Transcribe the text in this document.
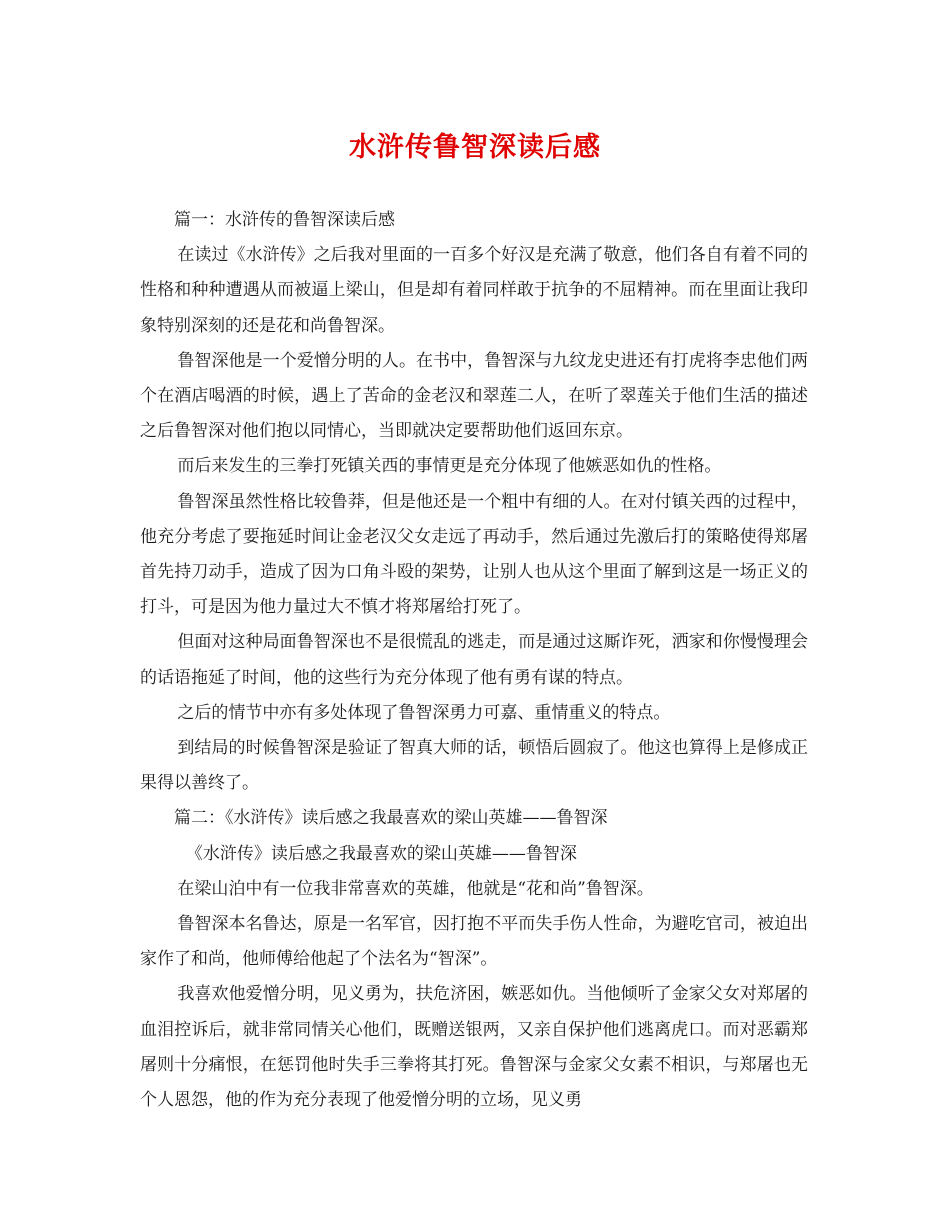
水浒传鲁智深读后感

篇一：水浒传的鲁智深读后感

在读过《水浒传》之后我对里面的一百多个好汉是充满了敬意，他们各自有着不同的性格和种种遭遇从而被逼上梁山，但是却有着同样敢于抗争的不屈精神。而在里面让我印象特别深刻的还是花和尚鲁智深。

鲁智深他是一个爱憎分明的人。在书中，鲁智深与九纹龙史进还有打虎将李忠他们两个在酒店喝酒的时候，遇上了苦命的金老汉和翠莲二人，在听了翠莲关于他们生活的描述之后鲁智深对他们抱以同情心，当即就决定要帮助他们返回东京。

而后来发生的三拳打死镇关西的事情更是充分体现了他嫉恶如仇的性格。

鲁智深虽然性格比较鲁莽，但是他还是一个粗中有细的人。在对付镇关西的过程中，他充分考虑了要拖延时间让金老汉父女走远了再动手，然后通过先激后打的策略使得郑屠首先持刀动手，造成了因为口角斗殴的架势，让别人也从这个里面了解到这是一场正义的打斗，可是因为他力量过大不慎才将郑屠给打死了。

但面对这种局面鲁智深也不是很慌乱的逃走，而是通过这厮诈死，洒家和你慢慢理会的话语拖延了时间，他的这些行为充分体现了他有勇有谋的特点。

之后的情节中亦有多处体现了鲁智深勇力可嘉、重情重义的特点。

到结局的时候鲁智深是验证了智真大师的话，顿悟后圆寂了。他这也算得上是修成正果得以善终了。

篇二：《水浒传》读后感之我最喜欢的梁山英雄——鲁智深

《水浒传》读后感之我最喜欢的梁山英雄——鲁智深

在梁山泊中有一位我非常喜欢的英雄，他就是“花和尚”鲁智深。

鲁智深本名鲁达，原是一名军官，因打抱不平而失手伤人性命，为避吃官司，被迫出家作了和尚，他师傅给他起了个法名为“智深”。

我喜欢他爱憎分明，见义勇为，扶危济困，嫉恶如仇。当他倾听了金家父女对郑屠的血泪控诉后，就非常同情关心他们，既赠送银两，又亲自保护他们逃离虎口。而对恶霸郑屠则十分痛恨，在惩罚他时失手三拳将其打死。鲁智深与金家父女素不相识，与郑屠也无个人恩怨，他的作为充分表现了他爱憎分明的立场，见义勇
